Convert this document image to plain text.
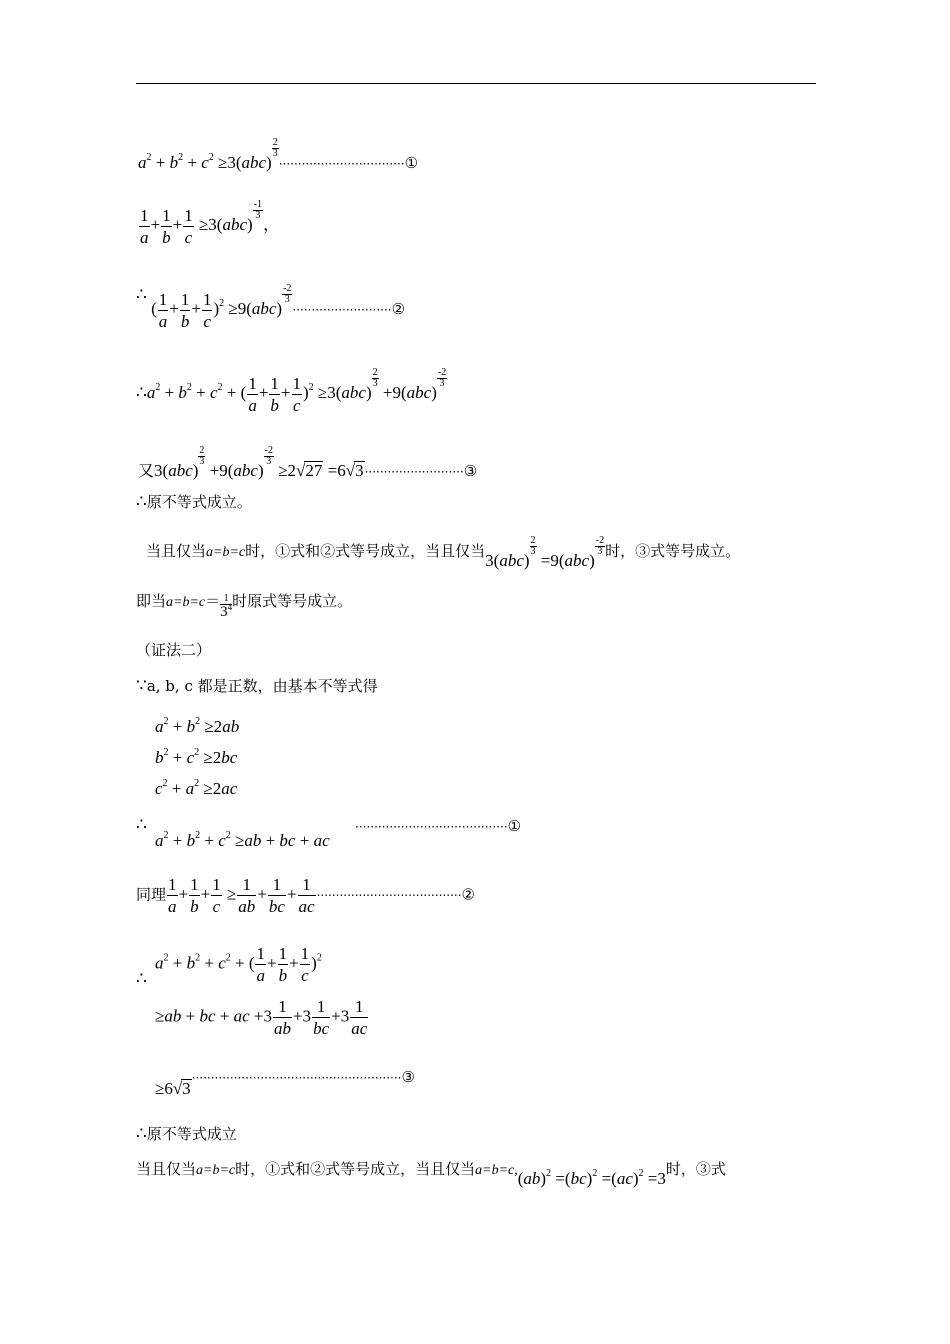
$a^2 + b^2 + c^2 \ge 3(abc)$
$\frac{2}{3}$
·································①
$\frac{1}{a} + \frac{1}{b} + \frac{1}{c} \ge 3(abc)$
$\frac{-1}{3}$
，
∴ ( $\frac{1}{a} + \frac{1}{b} + \frac{1}{c} )^2 \ge 9(abc)$
$\frac{-2}{3}$
··························②
$\therefore a^2 + b^2 + c^2$ + ( $\frac{1}{a} + \frac{1}{b} + \frac{1}{c} )^2 \ge 3(abc)$
$\frac{2}{3}$
+9(abc)
$\frac{-2}{3}$
又3(abc)
$\frac{2}{3}$
+9(abc)
$\frac{-2}{3}$
≥2√27 =6√3··························③
∴原不等式成立。
当且仅当a=b=c时，①式和②式等号成立，当且仅当3(abc)
$\frac{2}{3}$
=9(abc)
$\frac{-2}{3}$ 时，③式等号成立。
即当a=b=c＝ 1
$3^4$ 时原式等号成立。
（证法二）
∵a, b, c 都是正数，由基本不等式得
$a^2 + b^2 \ge 2ab$
$b^2 + c^2 \ge 2bc$
$c^2 + a^2 \ge 2ac$
∴
$a^2 + b^2 + c^2 \ge ab$ + bc + ac
········································①
同理 $\frac{1}{a} + \frac{1}{b} + \frac{1}{c} \ge \frac{1}{ab} + \frac{1}{bc} + \frac{1}{ac}$ ······································②
∴
$a^2 + b^2 + c^2$ + ( $\frac{1}{a} + \frac{1}{b} + \frac{1}{c} )^2$
≥ab + bc + ac $+3 \frac{1}{ab} +3 \frac{1}{bc} +3 \frac{1}{ac}$
≥6√3·······················································③
∴原不等式成立
当且仅当a=b=c时，①式和②式等号成立，当且仅当a=b=c,(ab)$^2$ =(bc)$^2$ =(ac)$^2$ =3时，③式
